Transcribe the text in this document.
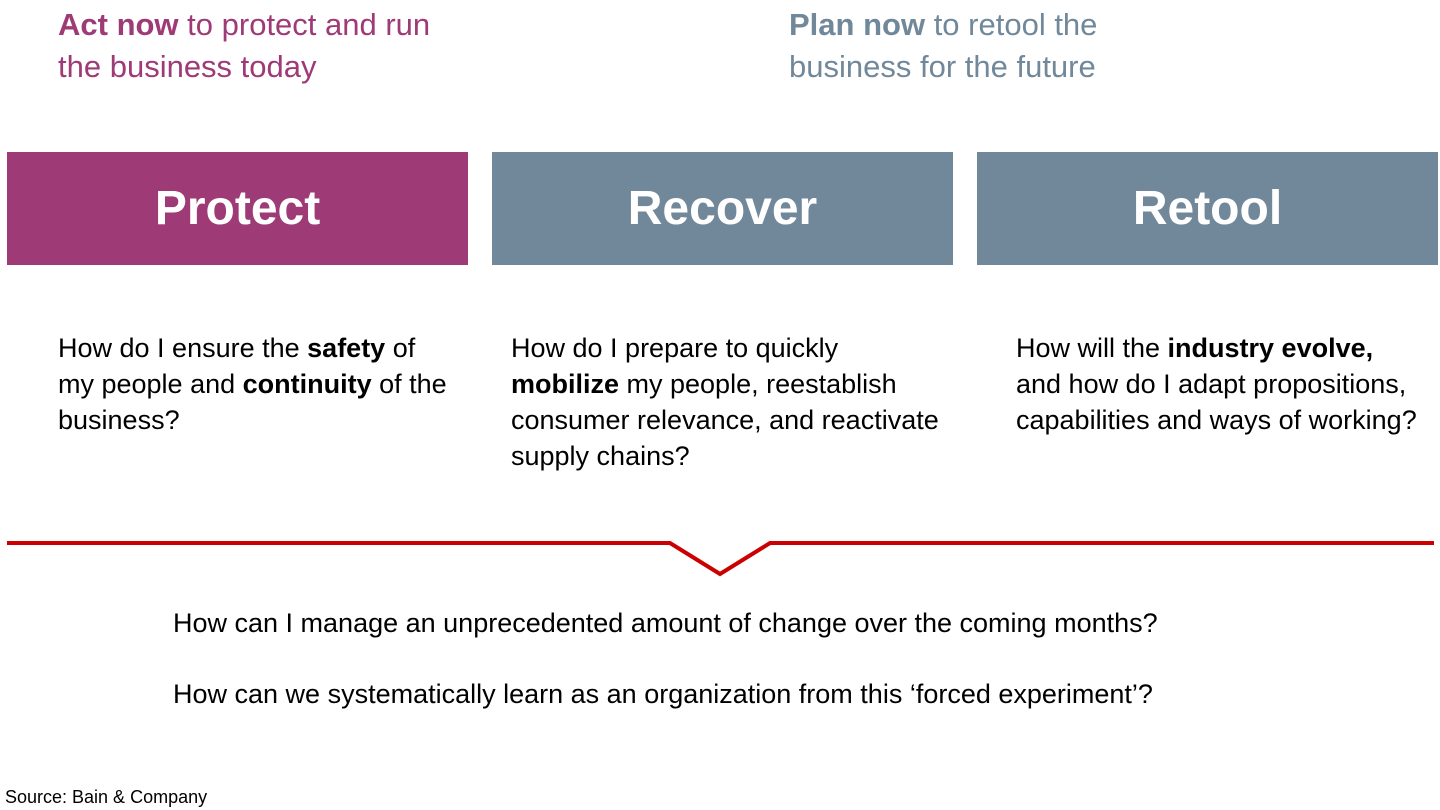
Act now to protect and run the business today
Plan now to retool the business for the future
Protect	Recover	Retool
How do I ensure the safety of my people and continuity of the business?
How do I prepare to quickly mobilize my people, reestablish consumer relevance, and reactivate supply chains?
How will the industry evolve,  and how do I adapt propositions, capabilities and ways of working?
How can I manage an unprecedented amount of change over the coming months?
How can we systematically learn as an organization from this ‘forced experiment’?
Source: Bain & Company
